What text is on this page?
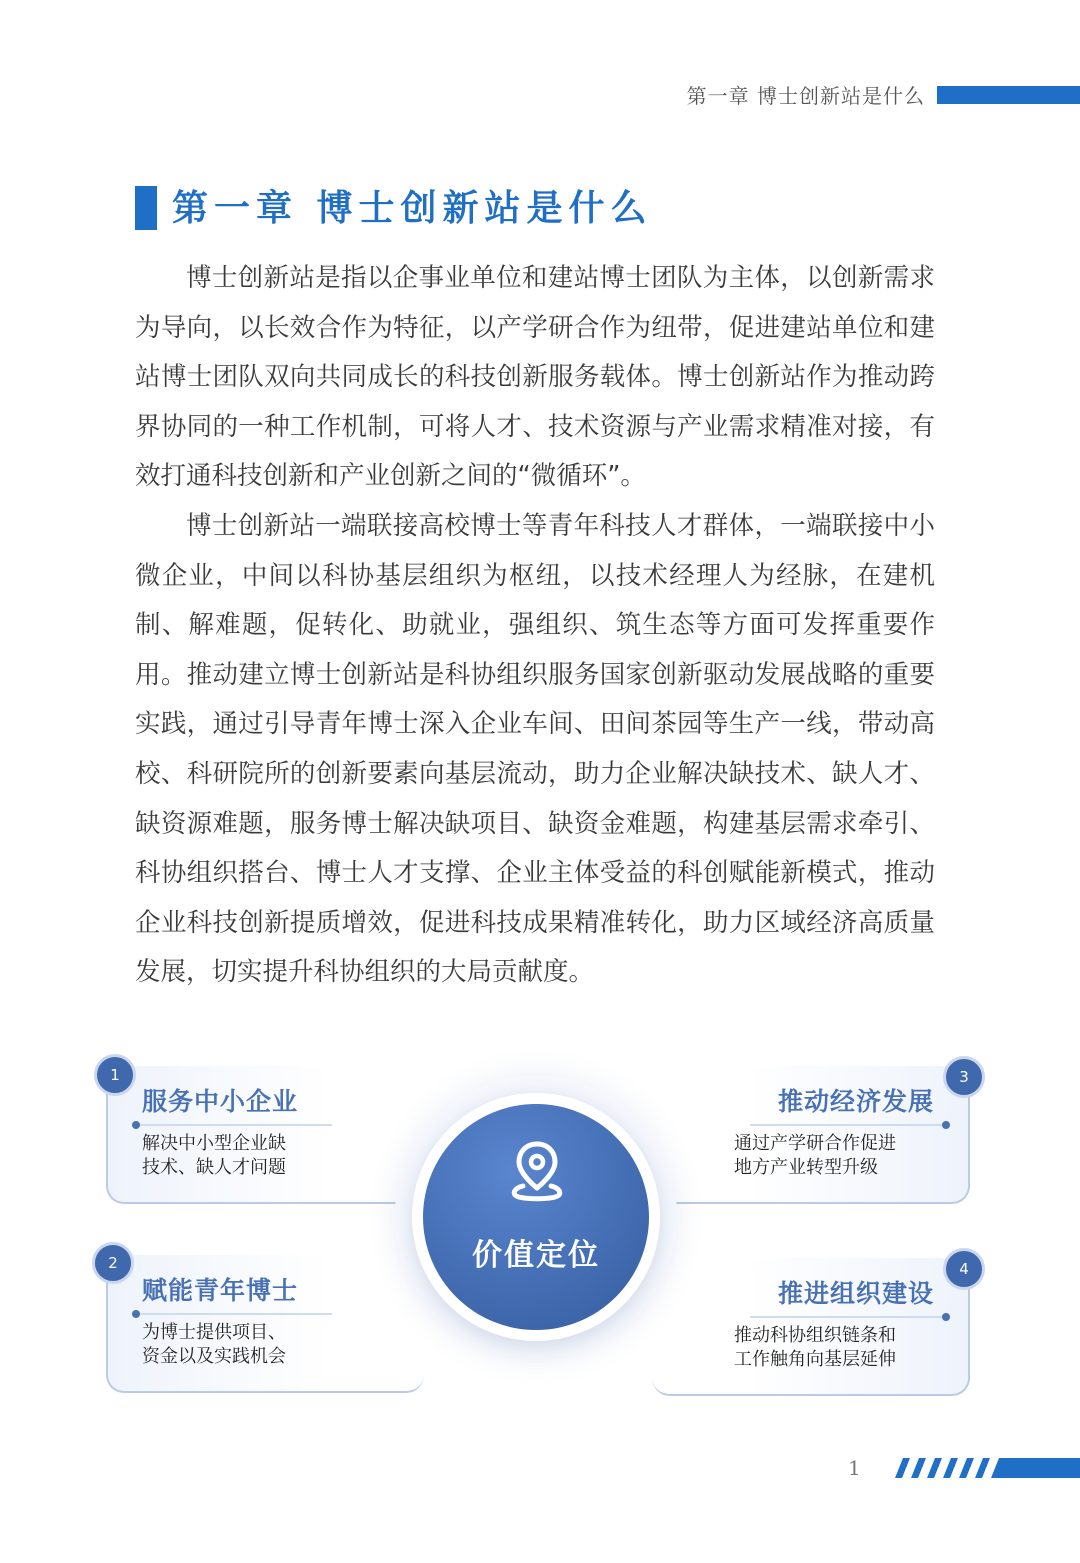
第一章 博士创新站是什么
第一章 博士创新站是什么

博士创新站是指以企事业单位和建站博士团队为主体，以创新需求为导向，以长效合作为特征，以产学研合作为纽带，促进建站单位和建站博士团队双向共同成长的科技创新服务载体。博士创新站作为推动跨界协同的一种工作机制，可将人才、技术资源与产业需求精准对接，有效打通科技创新和产业创新之间的“微循环”。

博士创新站一端联接高校博士等青年科技人才群体，一端联接中小微企业，中间以科协基层组织为枢纽，以技术经理人为经脉，在建机制、解难题，促转化、助就业，强组织、筑生态等方面可发挥重要作用。推动建立博士创新站是科协组织服务国家创新驱动发展战略的重要实践，通过引导青年博士深入企业车间、田间茶园等生产一线，带动高校、科研院所的创新要素向基层流动，助力企业解决缺技术、缺人才、缺资源难题，服务博士解决缺项目、缺资金难题，构建基层需求牵引、科协组织搭台、博士人才支撑、企业主体受益的科创赋能新模式，推动企业科技创新提质增效，促进科技成果精准转化，助力区域经济高质量发展，切实提升科协组织的大局贡献度。

服务中小企业
解决中小型企业缺
技术、缺人才问题
1
赋能青年博士
为博士提供项目、
资金以及实践机会
2
推动经济发展
通过产学研合作促进
地方产业转型升级
3
推进组织建设
推动科协组织链条和
工作触角向基层延伸
4
价值定位
1
